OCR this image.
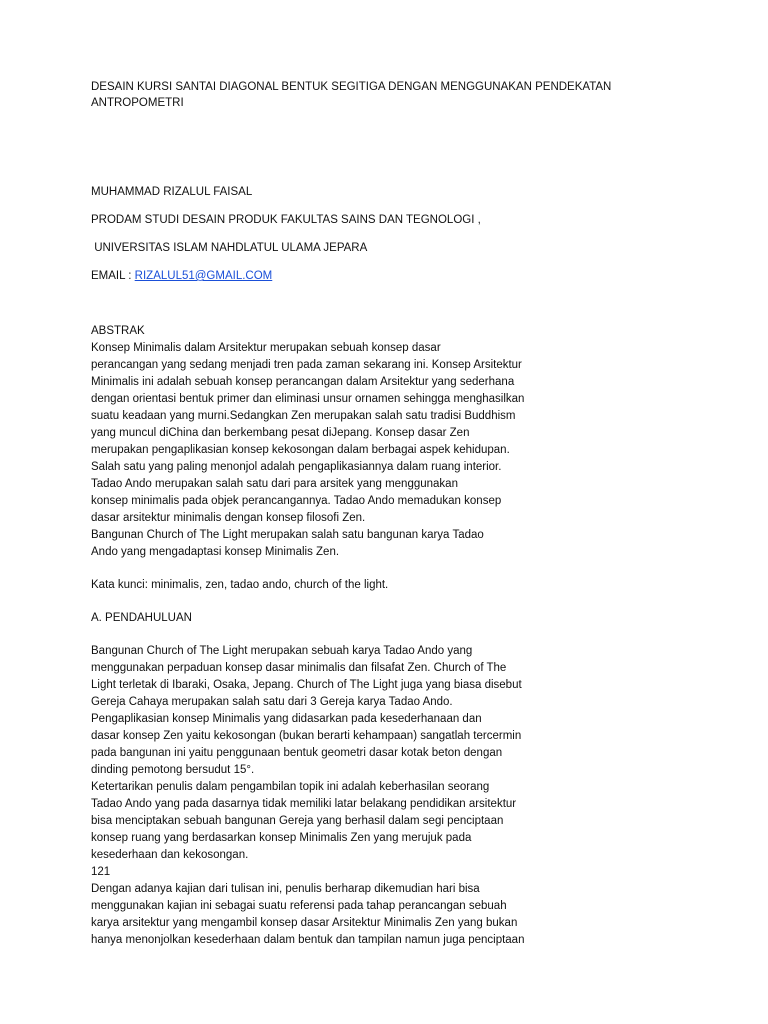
DESAIN KURSI SANTAI DIAGONAL BENTUK SEGITIGA DENGAN MENGGUNAKAN PENDEKATAN

ANTROPOMETRI

MUHAMMAD RIZALUL FAISAL

PRODAM STUDI DESAIN PRODUK FAKULTAS SAINS DAN TEGNOLOGI ,

UNIVERSITAS ISLAM NAHDLATUL ULAMA JEPARA

EMAIL : RIZALUL51@GMAIL.COM

ABSTRAK

Konsep Minimalis dalam Arsitektur merupakan sebuah konsep dasar

perancangan yang sedang menjadi tren pada zaman sekarang ini. Konsep Arsitektur

Minimalis ini adalah sebuah konsep perancangan dalam Arsitektur yang sederhana

dengan orientasi bentuk primer dan eliminasi unsur ornamen sehingga menghasilkan

suatu keadaan yang murni.Sedangkan Zen merupakan salah satu tradisi Buddhism

yang muncul diChina dan berkembang pesat diJepang. Konsep dasar Zen

merupakan pengaplikasian konsep kekosongan dalam berbagai aspek kehidupan.

Salah satu yang paling menonjol adalah pengaplikasiannya dalam ruang interior.

Tadao Ando merupakan salah satu dari para arsitek yang menggunakan

konsep minimalis pada objek perancangannya. Tadao Ando memadukan konsep

dasar arsitektur minimalis dengan konsep filosofi Zen.

Bangunan Church of The Light merupakan salah satu bangunan karya Tadao

Ando yang mengadaptasi konsep Minimalis Zen.

Kata kunci: minimalis, zen, tadao ando, church of the light.

A. PENDAHULUAN

Bangunan Church of The Light merupakan sebuah karya Tadao Ando yang

menggunakan perpaduan konsep dasar minimalis dan filsafat Zen. Church of The

Light terletak di Ibaraki, Osaka, Jepang. Church of The Light juga yang biasa disebut

Gereja Cahaya merupakan salah satu dari 3 Gereja karya Tadao Ando.

Pengaplikasian konsep Minimalis yang didasarkan pada kesederhanaan dan

dasar konsep Zen yaitu kekosongan (bukan berarti kehampaan) sangatlah tercermin

pada bangunan ini yaitu penggunaan bentuk geometri dasar kotak beton dengan

dinding pemotong bersudut 15°.

Ketertarikan penulis dalam pengambilan topik ini adalah keberhasilan seorang

Tadao Ando yang pada dasarnya tidak memiliki latar belakang pendidikan arsitektur

bisa menciptakan sebuah bangunan Gereja yang berhasil dalam segi penciptaan

konsep ruang yang berdasarkan konsep Minimalis Zen yang merujuk pada

kesederhaan dan kekosongan.

121

Dengan adanya kajian dari tulisan ini, penulis berharap dikemudian hari bisa

menggunakan kajian ini sebagai suatu referensi pada tahap perancangan sebuah

karya arsitektur yang mengambil konsep dasar Arsitektur Minimalis Zen yang bukan

hanya menonjolkan kesederhaan dalam bentuk dan tampilan namun juga penciptaan
